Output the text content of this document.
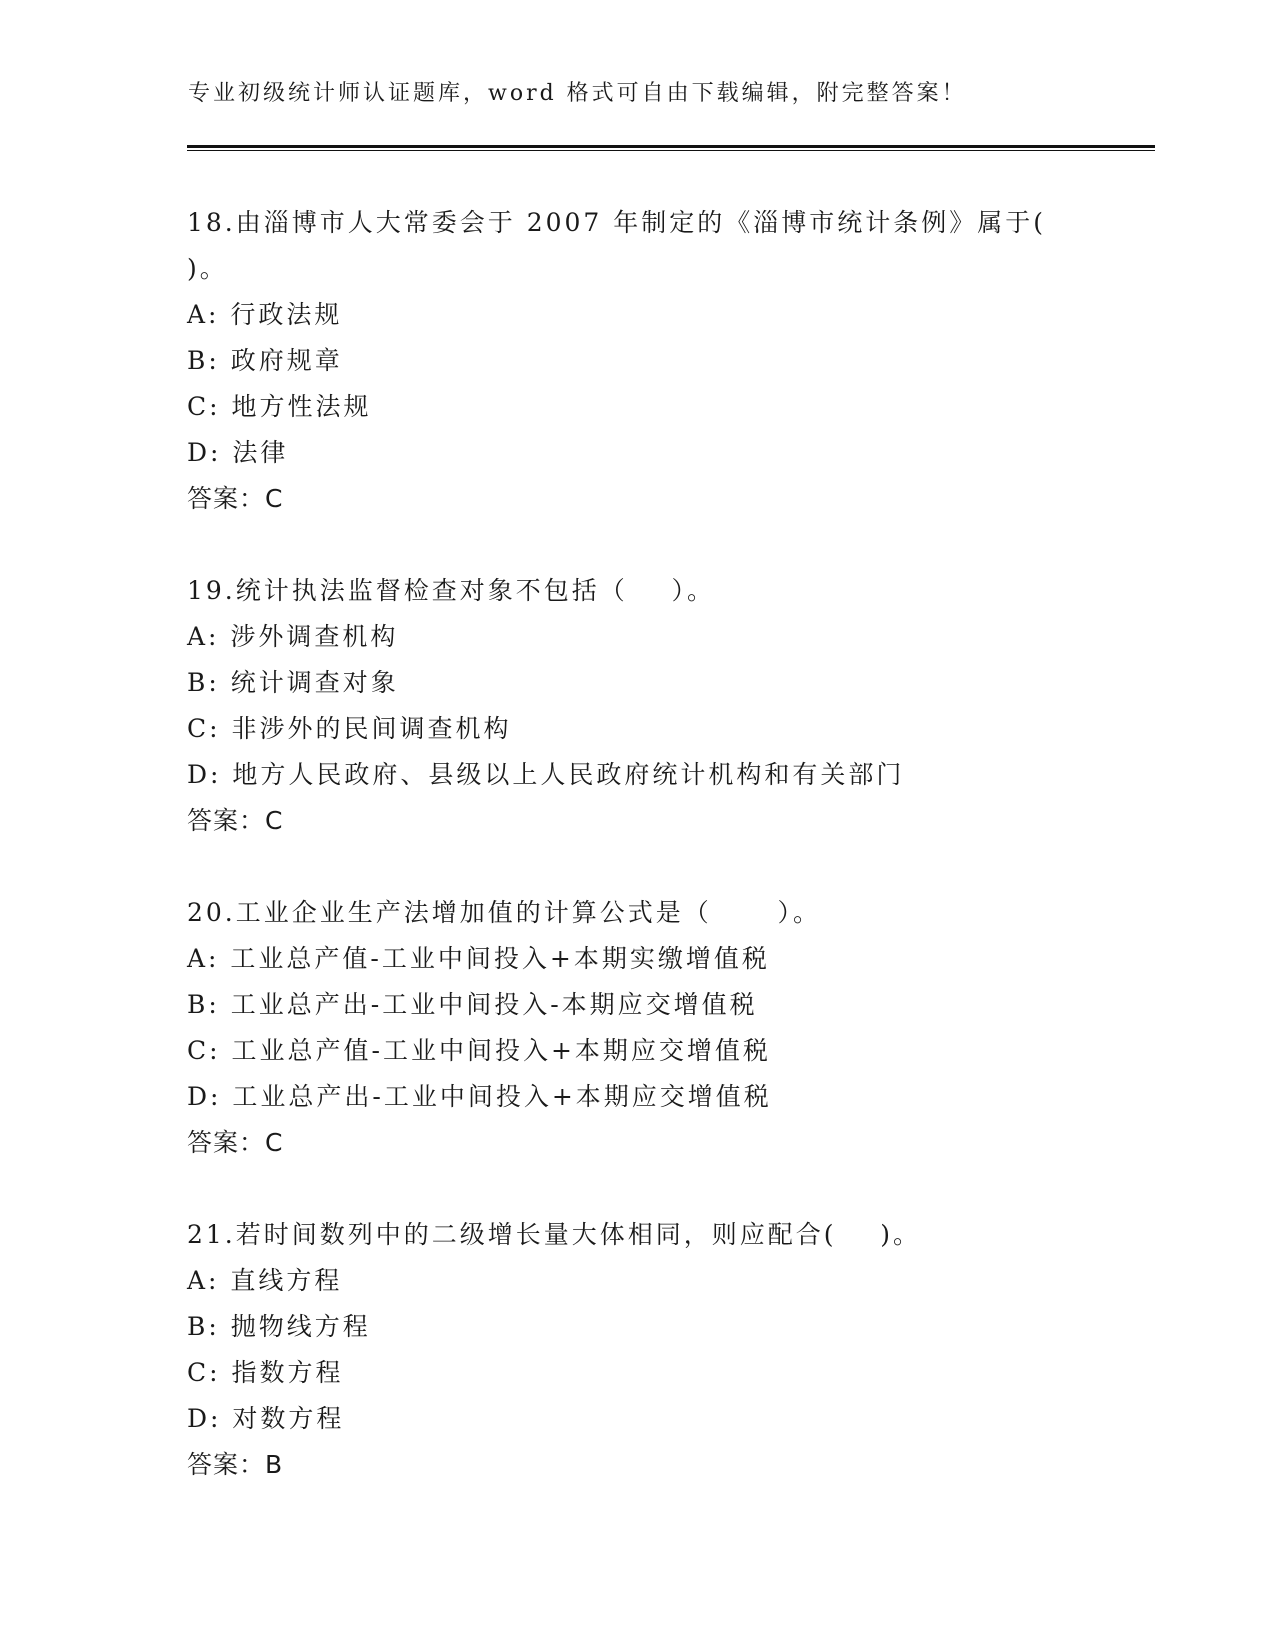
专业初级统计师认证题库，word 格式可自由下载编辑，附完整答案！

18.由淄博市人大常委会于 2007 年制定的《淄博市统计条例》属于(

)。

A: 行政法规

B: 政府规章

C: 地方性法规

D: 法律

答案：C

19.统计执法监督检查对象不包括（    ）。

A: 涉外调查机构

B: 统计调查对象

C: 非涉外的民间调查机构

D: 地方人民政府、县级以上人民政府统计机构和有关部门

答案：C

20.工业企业生产法增加值的计算公式是（      ）。

A: 工业总产值-工业中间投入+本期实缴增值税

B: 工业总产出-工业中间投入-本期应交增值税

C: 工业总产值-工业中间投入+本期应交增值税

D: 工业总产出-工业中间投入+本期应交增值税

答案：C

21.若时间数列中的二级增长量大体相同，则应配合(    )。

A: 直线方程

B: 抛物线方程

C: 指数方程

D: 对数方程

答案：B
